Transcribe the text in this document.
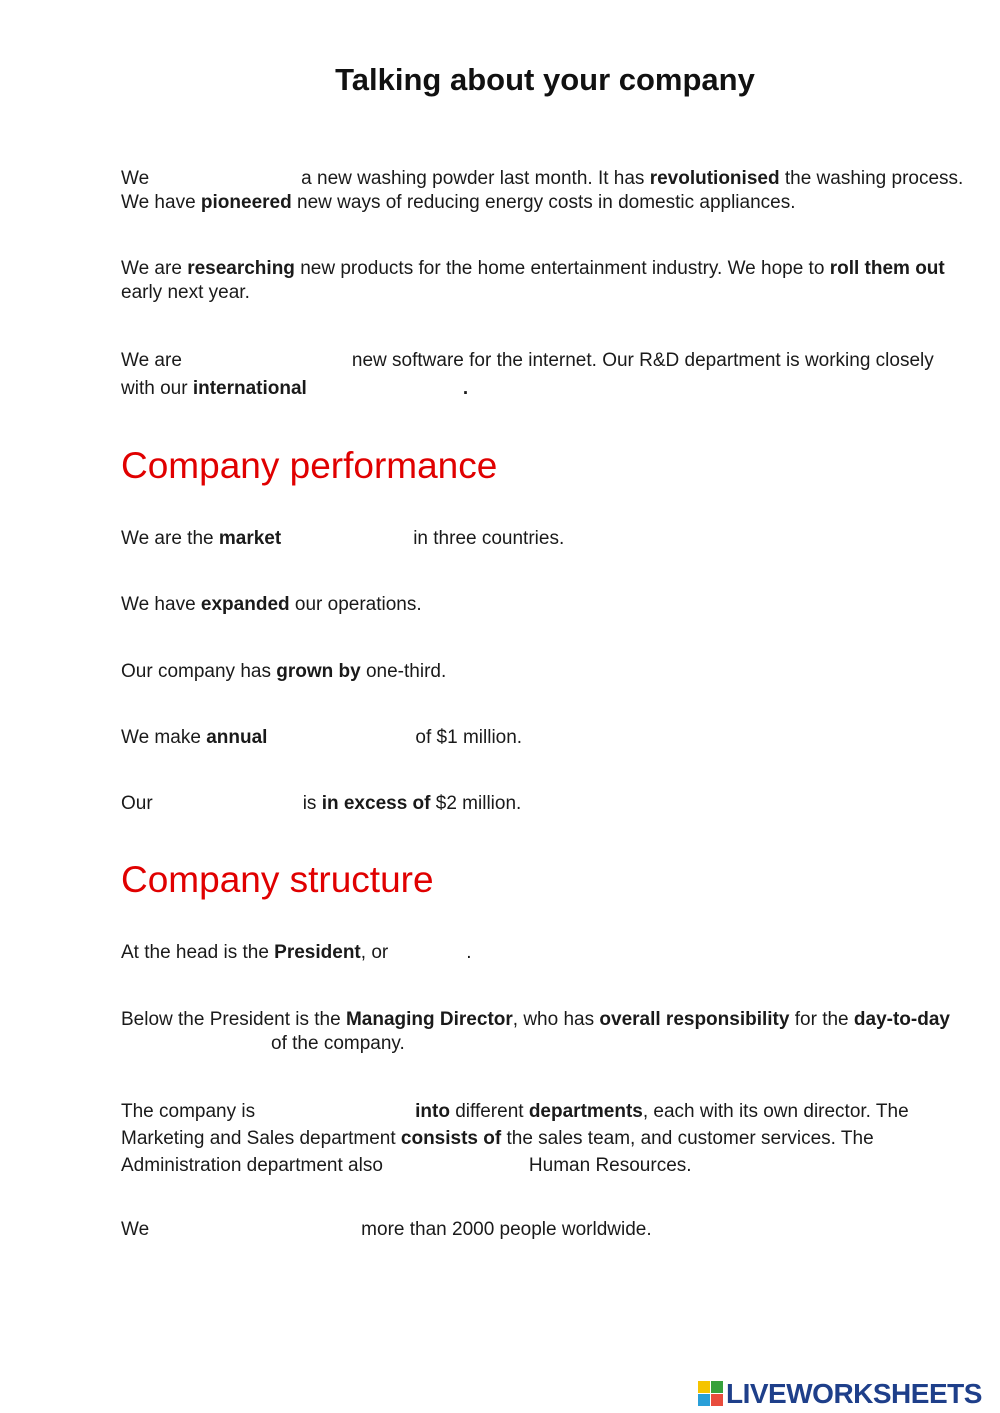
Talking about your company
We	a new washing powder last month. It has revolutionised the washing process. We have pioneered new ways of reducing energy costs in domestic appliances.
We are researching new products for the home entertainment industry. We hope to roll them out early next year.
We are	new software for the internet. Our R&D department is working closely with our international	.
Company performance
We are the market	in three countries.
We have expanded our operations.
Our company has grown by one-third.
We make annual	of $1 million.
Our	is in excess of $2 million.
Company structure
At the head is the President, or	.
Below the President is the Managing Director, who has overall responsibility for the day-to-dayof the company.
The company is	into different departments, each with its own director. The Marketing and Sales department consists of the sales team, and customer services. The Administration department also	Human Resources.
We	more than 2000 people worldwide.
LIVEWORKSHEETS
